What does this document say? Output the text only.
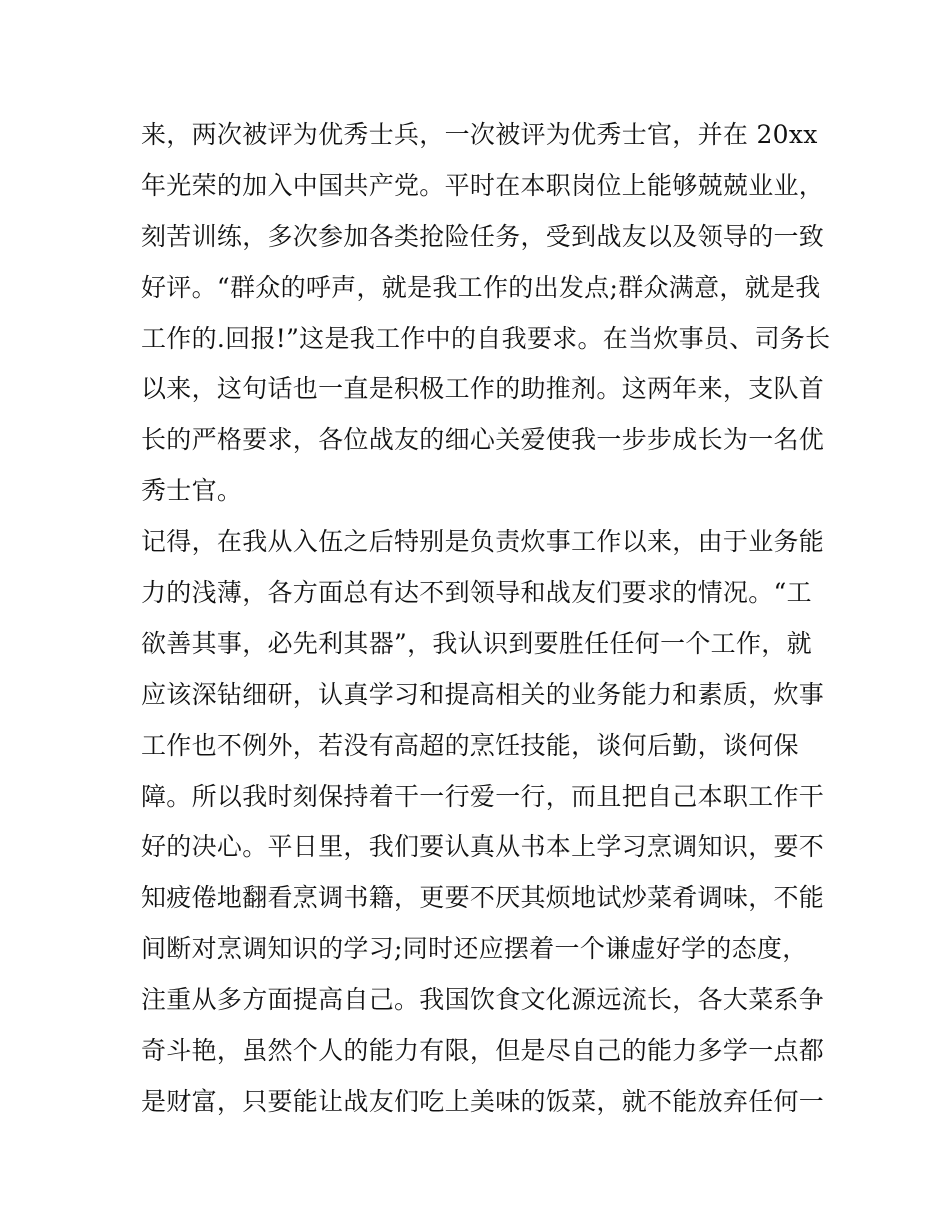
来，两次被评为优秀士兵，一次被评为优秀士官，并在 20xx
年光荣的加入中国共产党。平时在本职岗位上能够兢兢业业，
刻苦训练，多次参加各类抢险任务，受到战友以及领导的一致
好评。“群众的呼声，就是我工作的出发点;群众满意，就是我
工作的.回报!”这是我工作中的自我要求。在当炊事员、司务长
以来，这句话也一直是积极工作的助推剂。这两年来，支队首
长的严格要求，各位战友的细心关爱使我一步步成长为一名优
秀士官。
记得，在我从入伍之后特别是负责炊事工作以来，由于业务能
力的浅薄，各方面总有达不到领导和战友们要求的情况。“工
欲善其事，必先利其器”，我认识到要胜任任何一个工作，就
应该深钻细研，认真学习和提高相关的业务能力和素质，炊事
工作也不例外，若没有高超的烹饪技能，谈何后勤，谈何保
障。所以我时刻保持着干一行爱一行，而且把自己本职工作干
好的决心。平日里，我们要认真从书本上学习烹调知识，要不
知疲倦地翻看烹调书籍，更要不厌其烦地试炒菜肴调味，不能
间断对烹调知识的学习;同时还应摆着一个谦虚好学的态度，
注重从多方面提高自己。我国饮食文化源远流长，各大菜系争
奇斗艳，虽然个人的能力有限，但是尽自己的能力多学一点都
是财富，只要能让战友们吃上美味的饭菜，就不能放弃任何一
